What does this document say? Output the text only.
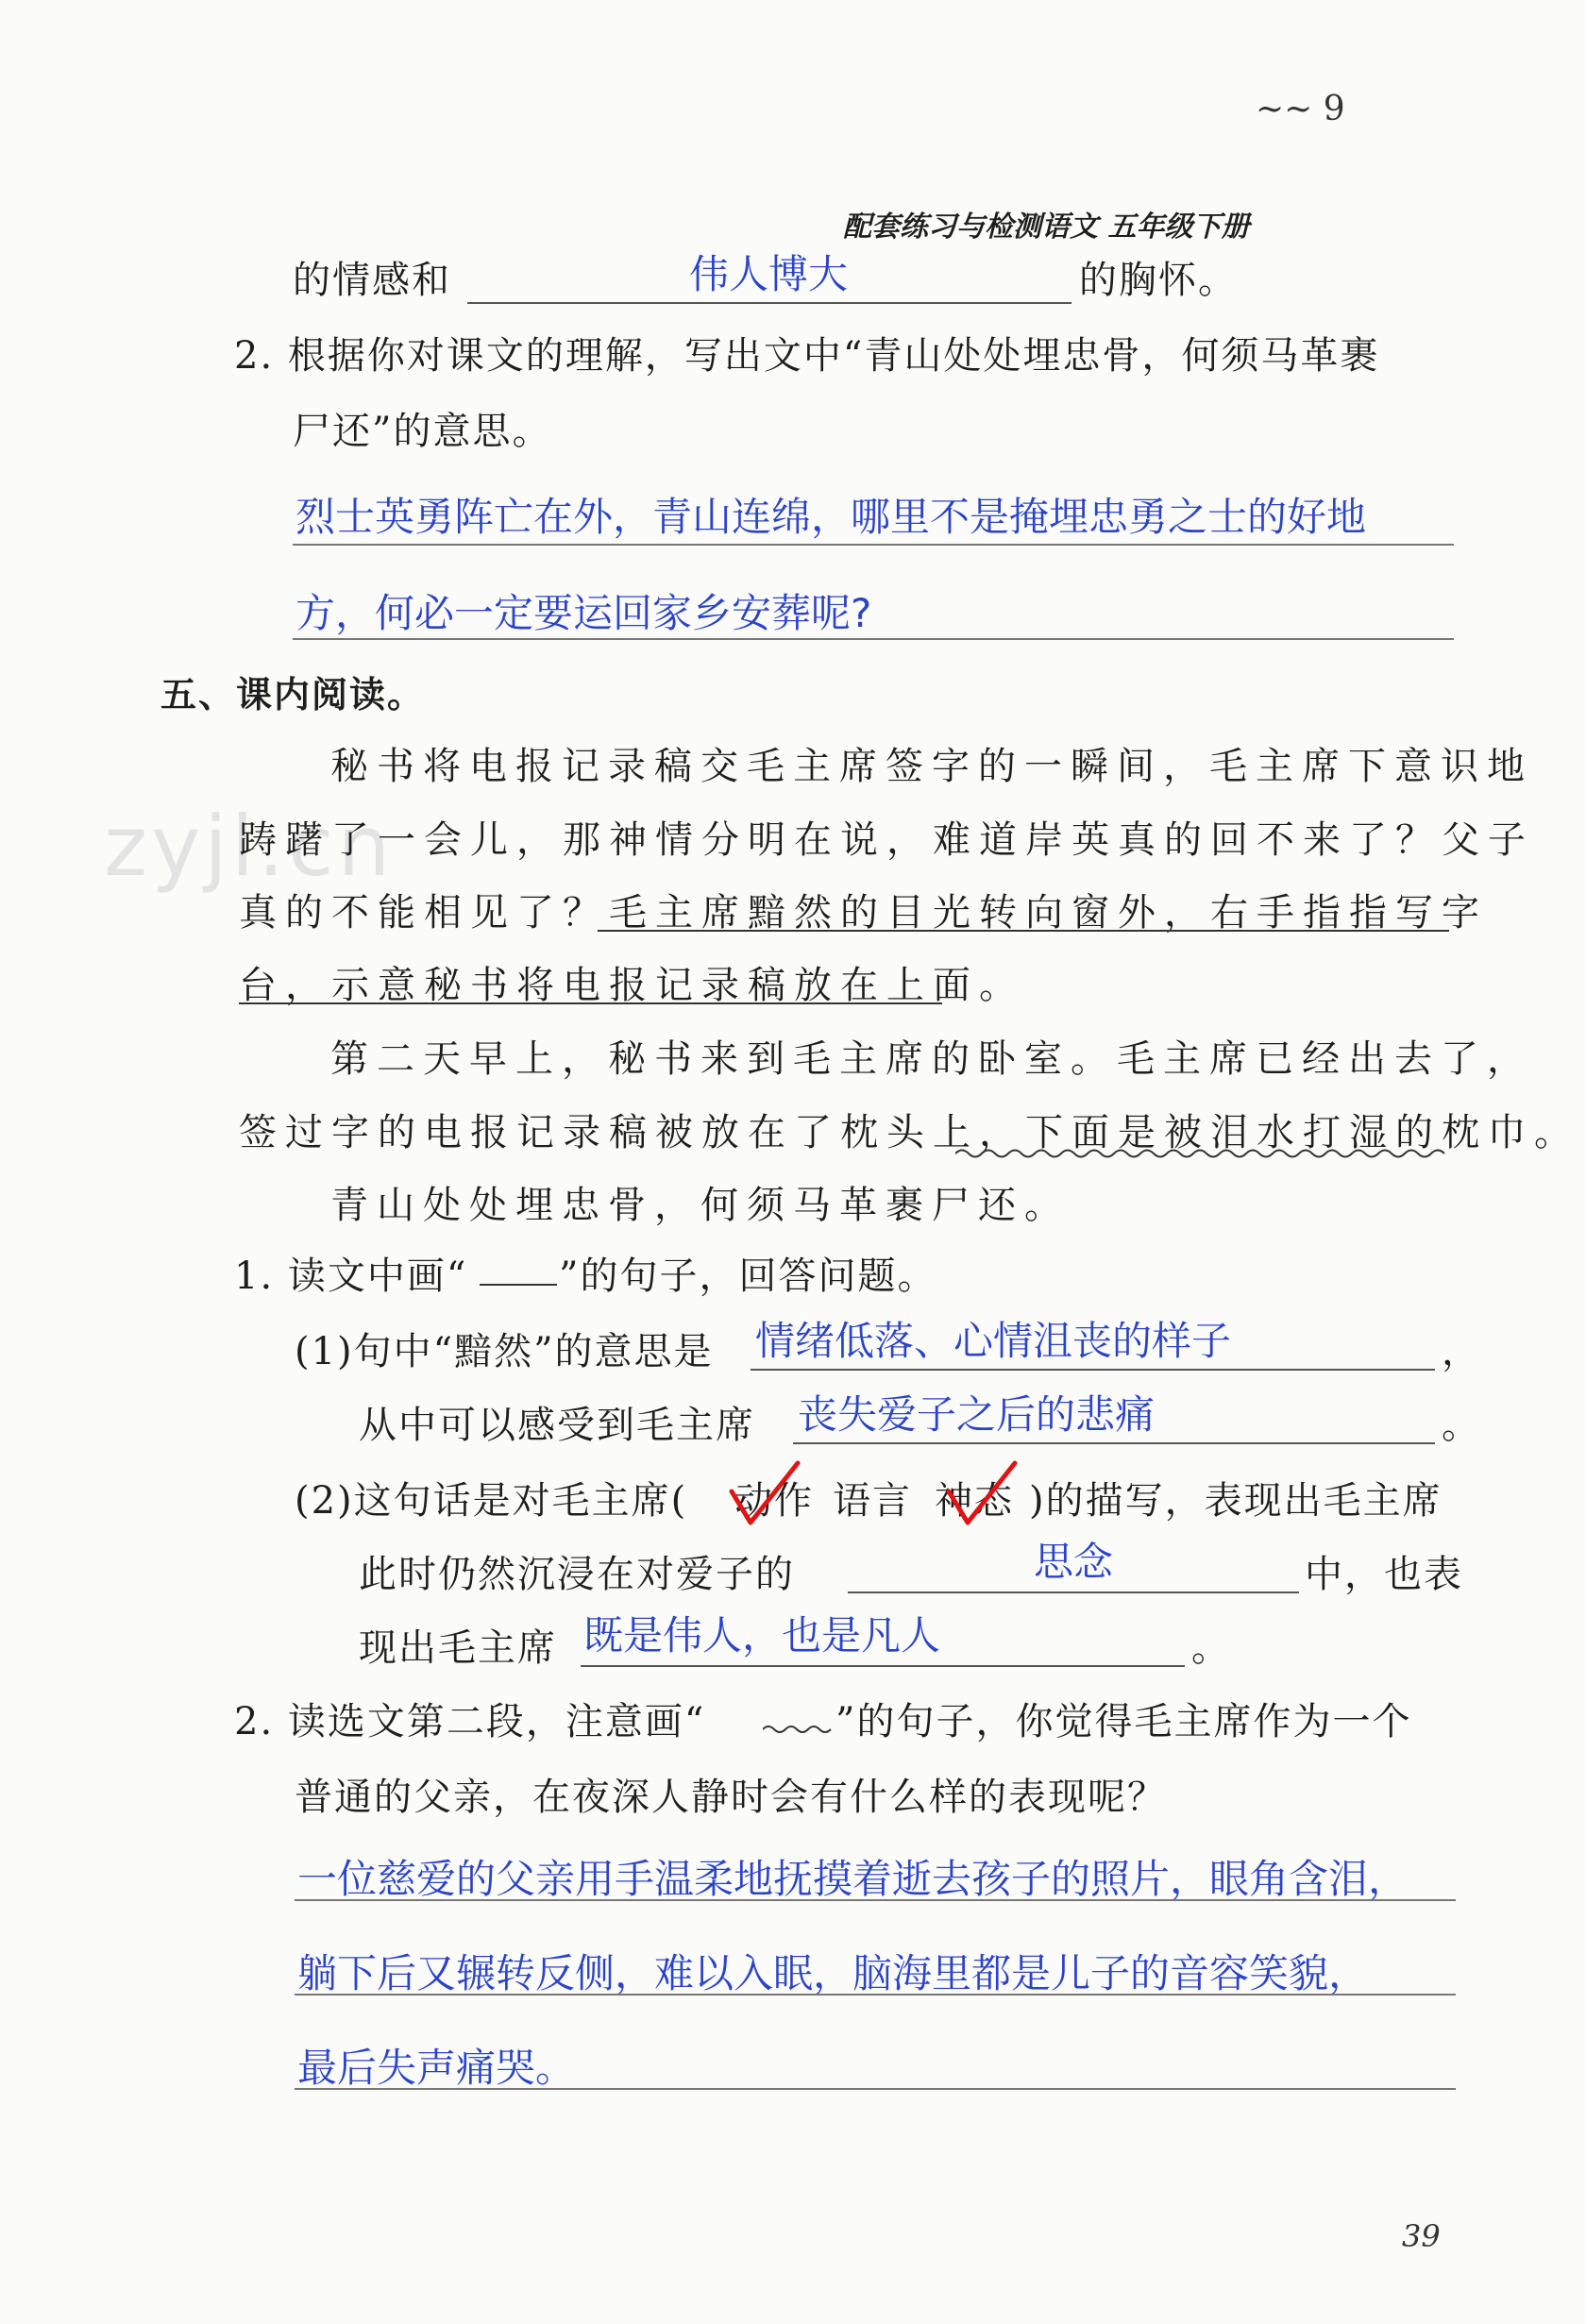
~~ 9
配套练习与检测语文 五年级下册
zyjl.cn
的情感和	伟人博大	的胸怀。
2. 根据你对课文的理解，写出文中“青山处处埋忠骨，何须马革裹
尸还”的意思。
烈士英勇阵亡在外，青山连绵，哪里不是掩埋忠勇之士的好地
方，何必一定要运回家乡安葬呢?
五、课内阅读。
秘书将电报记录稿交毛主席签字的一瞬间，毛主席下意识地
踌躇了一会儿，那神情分明在说，难道岸英真的回不来了？父子
真的不能相见了？毛主席黯然的目光转向窗外，右手指指写字
台，示意秘书将电报记录稿放在上面。
第二天早上，秘书来到毛主席的卧室。毛主席已经出去了，
签过字的电报记录稿被放在了枕头上，下面是被泪水打湿的枕巾。
青山处处埋忠骨，何须马革裹尸还。
1. 读文中画“ ”的句子，回答问题。
(1)句中“黯然”的意思是 情绪低落、心情沮丧的样子	，
从中可以感受到毛主席 丧失爱子之后的悲痛	。
(2)这句话是对毛主席( 动作 语言 神态 )的描写，表现出毛主席
此时仍然沉浸在对爱子的	思念	中，也表
现出毛主席 既是伟人，也是凡人	。
2. 读选文第二段，注意画“	”的句子，你觉得毛主席作为一个
普通的父亲，在夜深人静时会有什么样的表现呢？
一位慈爱的父亲用手温柔地抚摸着逝去孩子的照片，眼角含泪，
躺下后又辗转反侧，难以入眠，脑海里都是儿子的音容笑貌，
最后失声痛哭。
39
